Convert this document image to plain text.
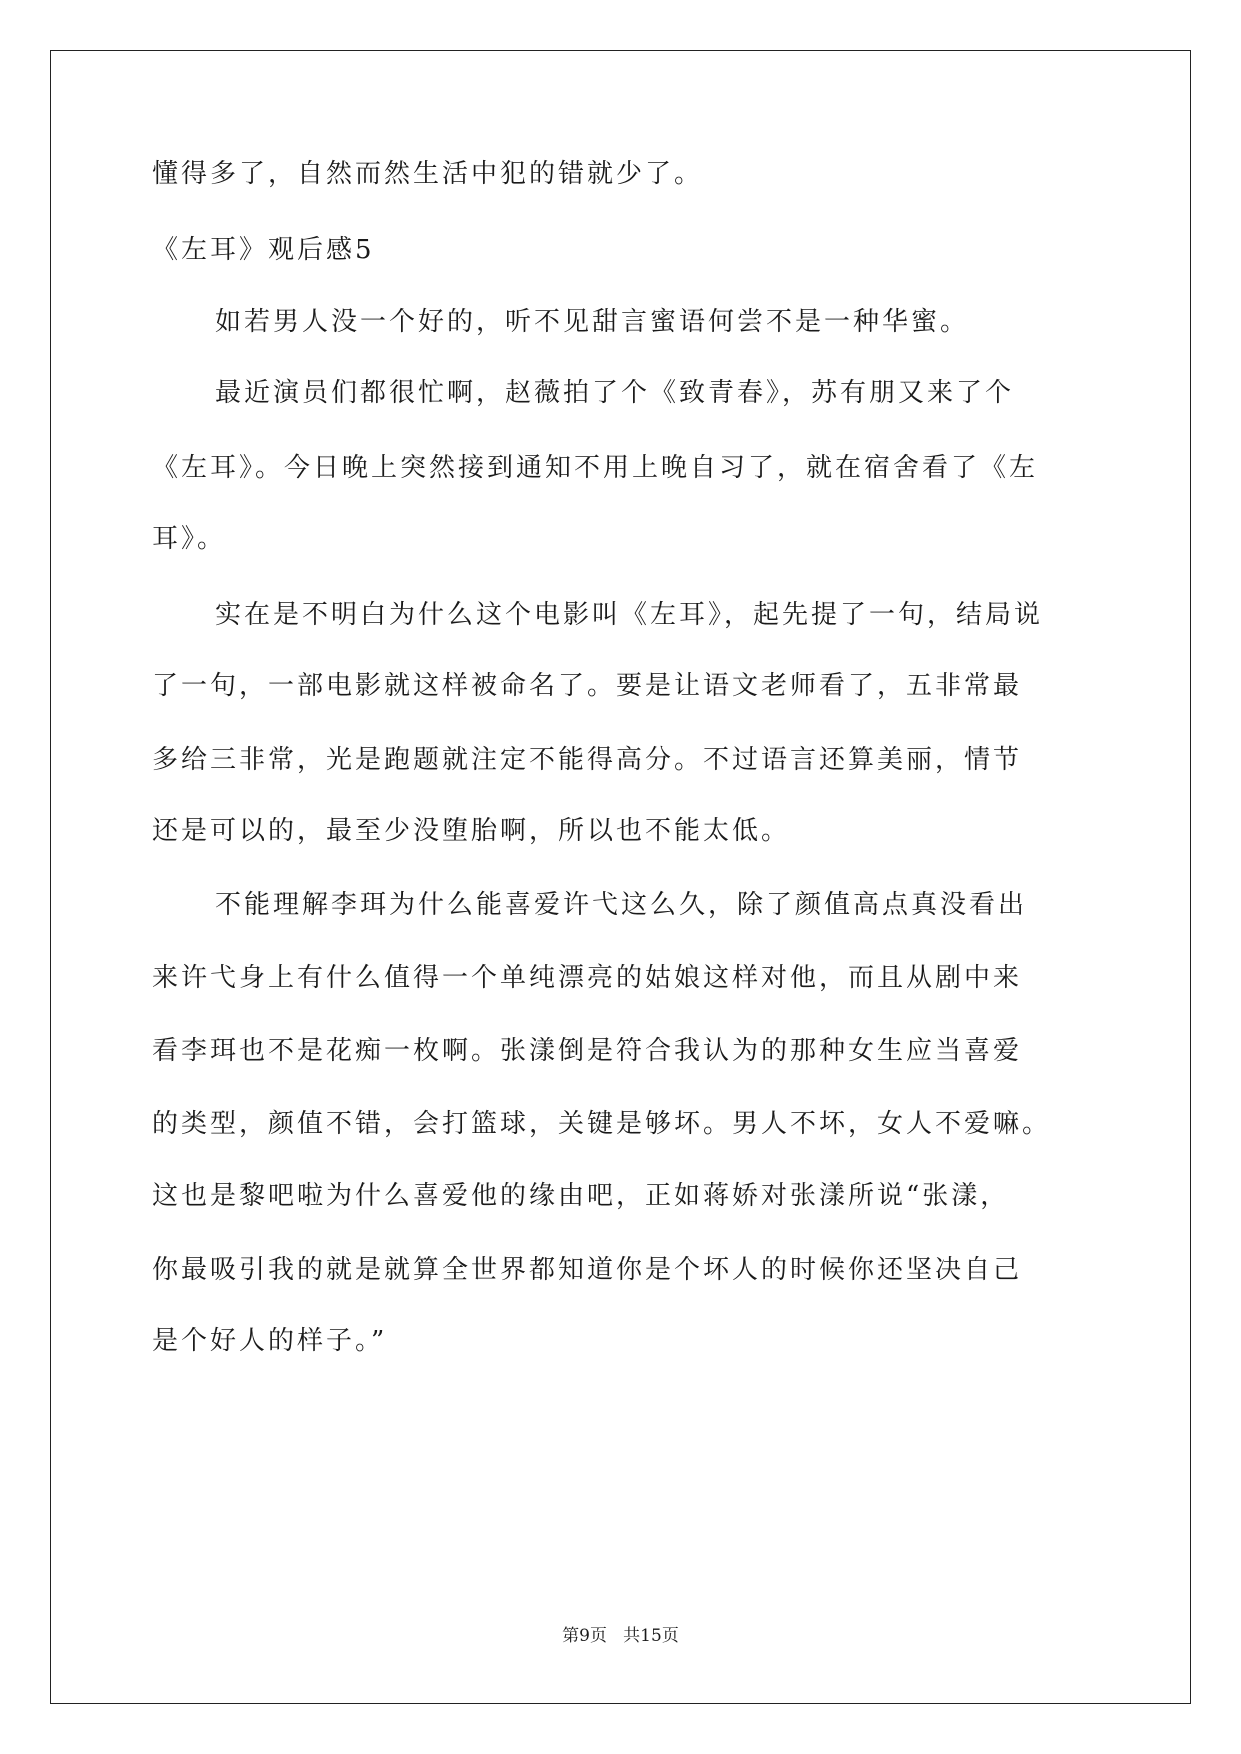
懂得多了，自然而然生活中犯的错就少了。
《左耳》观后感5
如若男人没一个好的，听不见甜言蜜语何尝不是一种华蜜。
最近演员们都很忙啊，赵薇拍了个《致青春》，苏有朋又来了个
《左耳》。今日晚上突然接到通知不用上晚自习了，就在宿舍看了《左
耳》。
实在是不明白为什么这个电影叫《左耳》，起先提了一句，结局说
了一句，一部电影就这样被命名了。要是让语文老师看了，五非常最
多给三非常，光是跑题就注定不能得高分。不过语言还算美丽，情节
还是可以的，最至少没堕胎啊，所以也不能太低。
不能理解李珥为什么能喜爱许弋这么久，除了颜值高点真没看出
来许弋身上有什么值得一个单纯漂亮的姑娘这样对他，而且从剧中来
看李珥也不是花痴一枚啊。张漾倒是符合我认为的那种女生应当喜爱
的类型，颜值不错，会打篮球，关键是够坏。男人不坏，女人不爱嘛。
这也是黎吧啦为什么喜爱他的缘由吧，正如蒋娇对张漾所说“张漾，
你最吸引我的就是就算全世界都知道你是个坏人的时候你还坚决自己
是个好人的样子。”
第9页   共15页
